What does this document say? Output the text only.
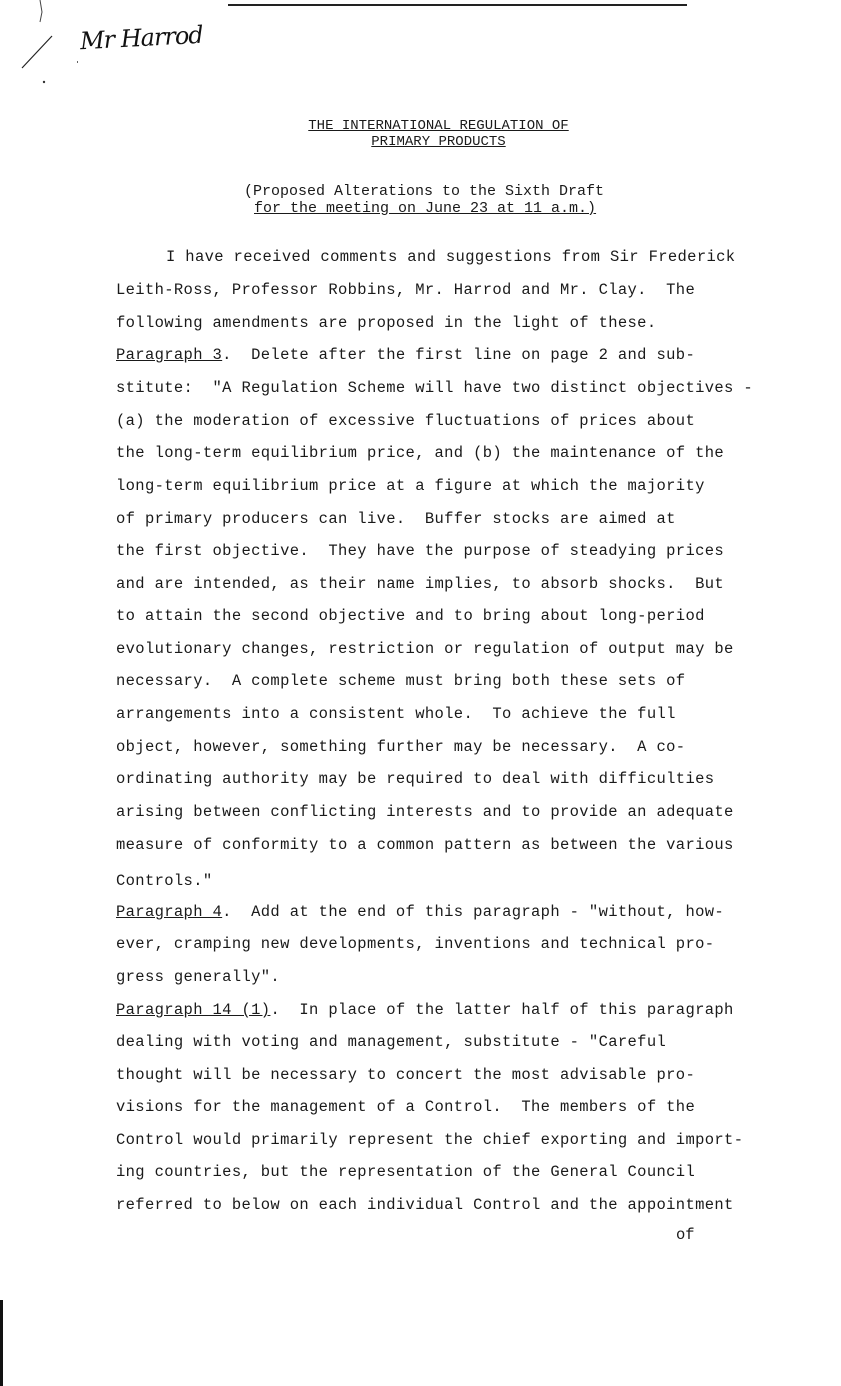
Mr Harrod
THE INTERNATIONAL REGULATION OF
PRIMARY PRODUCTS
(Proposed Alterations to the Sixth Draft
for the meeting on June 23 at 11 a.m.)
I have received comments and suggestions from Sir Frederick
Leith-Ross, Professor Robbins, Mr. Harrod and Mr. Clay.  The
following amendments are proposed in the light of these.
Paragraph 3.  Delete after the first line on page 2 and sub-
stitute:  "A Regulation Scheme will have two distinct objectives -
(a) the moderation of excessive fluctuations of prices about
the long-term equilibrium price, and (b) the maintenance of the
long-term equilibrium price at a figure at which the majority
of primary producers can live.  Buffer stocks are aimed at
the first objective.  They have the purpose of steadying prices
and are intended, as their name implies, to absorb shocks.  But
to attain the second objective and to bring about long-period
evolutionary changes, restriction or regulation of output may be
necessary.  A complete scheme must bring both these sets of
arrangements into a consistent whole.  To achieve the full
object, however, something further may be necessary.  A co-
ordinating authority may be required to deal with difficulties
arising between conflicting interests and to provide an adequate
measure of conformity to a common pattern as between the various
Controls."
Paragraph 4.  Add at the end of this paragraph - "without, how-
ever, cramping new developments, inventions and technical pro-
gress generally".
Paragraph 14 (1).  In place of the latter half of this paragraph
dealing with voting and management, substitute - "Careful
thought will be necessary to concert the most advisable pro-
visions for the management of a Control.  The members of the
Control would primarily represent the chief exporting and import-
ing countries, but the representation of the General Council
referred to below on each individual Control and the appointment
of
